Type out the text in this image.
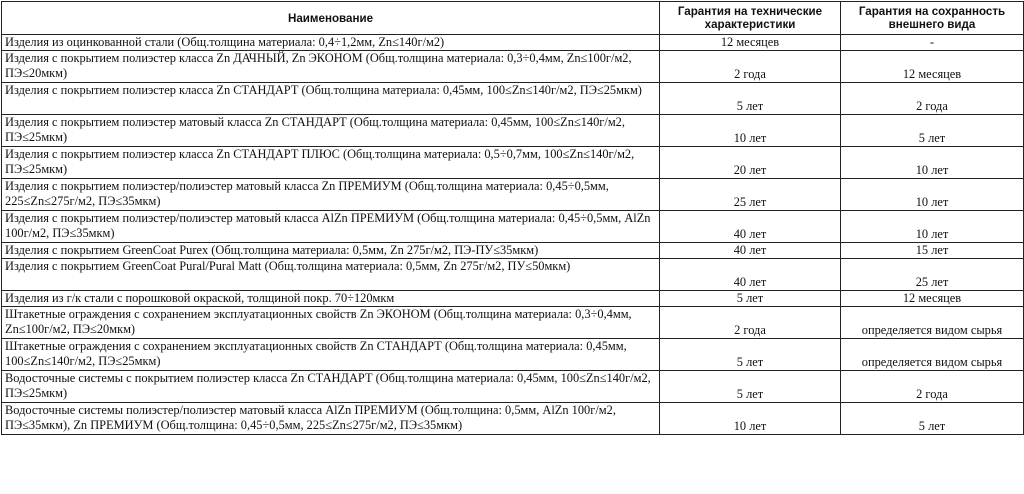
Наименование	Гарантия на технические характеристики	Гарантия на сохранность внешнего вида
Изделия из оцинкованной стали (Общ.толщина материала: 0,4÷1,2мм, Zn≤140г/м2)	12 месяцев	-
Изделия с покрытием полиэстер класса Zn ДАЧНЫЙ, Zn ЭКОНОМ (Общ.толщина материала: 0,3÷0,4мм, Zn≤100г/м2, ПЭ≤20мкм)	2 года	12 месяцев
Изделия с покрытием полиэстер класса Zn СТАНДАРТ (Общ.толщина материала: 0,45мм, 100≤Zn≤140г/м2, ПЭ≤25мкм)	5 лет	2 года
Изделия с покрытием полиэстер матовый класса Zn СТАНДАРТ (Общ.толщина материала: 0,45мм, 100≤Zn≤140г/м2, ПЭ≤25мкм)	10 лет	5 лет
Изделия с покрытием полиэстер класса Zn СТАНДАРТ ПЛЮС (Общ.толщина материала: 0,5÷0,7мм, 100≤Zn≤140г/м2, ПЭ≤25мкм)	20 лет	10 лет
Изделия с покрытием полиэстер/полиэстер матовый класса Zn ПРЕМИУМ (Общ.толщина материала: 0,45÷0,5мм, 225≤Zn≤275г/м2, ПЭ≤35мкм)	25 лет	10 лет
Изделия с покрытием полиэстер/полиэстер матовый класса AlZn ПРЕМИУМ (Общ.толщина материала: 0,45÷0,5мм, AlZn 100г/м2, ПЭ≤35мкм)	40 лет	10 лет
Изделия с покрытием GreenCoat Purex (Общ.толщина материала: 0,5мм, Zn 275г/м2, ПЭ-ПУ≤35мкм)	40 лет	15 лет
Изделия с покрытием GreenCoat Pural/Pural Matt (Общ.толщина материала: 0,5мм, Zn 275г/м2, ПУ≤50мкм)	40 лет	25 лет
Изделия из г/к стали с порошковой окраской, толщиной покр. 70÷120мкм	5 лет	12 месяцев
Штакетные ограждения с сохранением эксплуатационных свойств Zn ЭКОНОМ (Общ.толщина материала: 0,3÷0,4мм, Zn≤100г/м2, ПЭ≤20мкм)	2 года	определяется видом сырья
Штакетные ограждения с сохранением эксплуатационных свойств Zn СТАНДАРТ (Общ.толщина материала: 0,45мм, 100≤Zn≤140г/м2, ПЭ≤25мкм)	5 лет	определяется видом сырья
Водосточные системы с покрытием полиэстер класса Zn СТАНДАРТ (Общ.толщина материала: 0,45мм, 100≤Zn≤140г/м2, ПЭ≤25мкм)	5 лет	2 года
Водосточные системы полиэстер/полиэстер матовый класса AlZn ПРЕМИУМ (Общ.толщина: 0,5мм, AlZn 100г/м2, ПЭ≤35мкм), Zn ПРЕМИУМ (Общ.толщина: 0,45÷0,5мм, 225≤Zn≤275г/м2, ПЭ≤35мкм)	10 лет	5 лет
